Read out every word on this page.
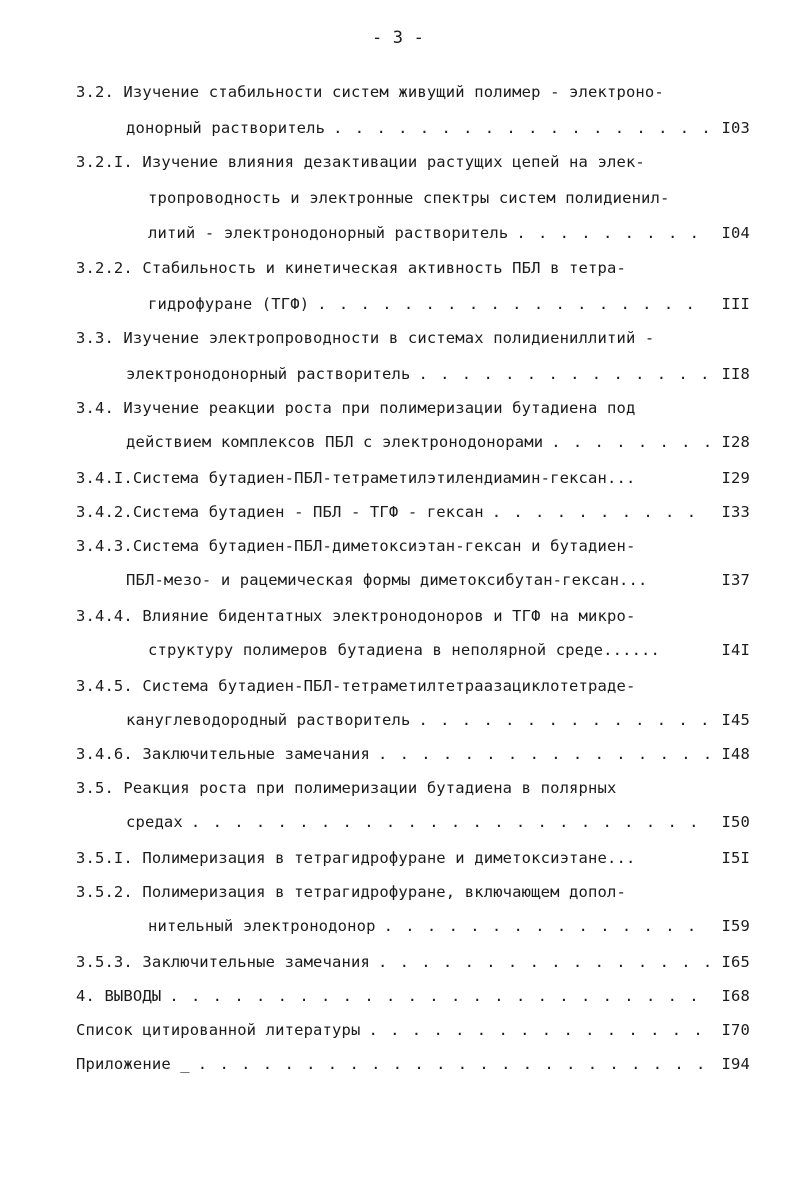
- 3 -
3.2. Изучение стабильности систем живущий полимер - электроно-
донорный растворитель . . .	I03
3.2.I. Изучение влияния дезактивации растущих цепей на элек-
тропроводность и электронные спектры систем полидиенил-
литий - электронодонорный растворитель . . .	I04
3.2.2. Стабильность и кинетическая активность ПБЛ в тетра-
гидрофуране (ТГФ) . . .	III
3.3. Изучение электропроводности в системах полидиениллитий -
электронодонорный растворитель . . .	II8
3.4. Изучение реакции роста при полимеризации бутадиена под
действием комплексов ПБЛ с электронодонорами . . .	I28
3.4.I.Система бутадиен-ПБЛ-тетраметилэтилендиамин-гексан...	I29
3.4.2.Система бутадиен - ПБЛ - ТГФ - гексан . . .	I33
3.4.3.Система бутадиен-ПБЛ-диметоксиэтан-гексан и бутадиен-
ПБЛ-мезо- и рацемическая формы диметоксибутан-гексан...	I37
3.4.4. Влияние бидентатных электронодоноров и ТГФ на микро-
структуру полимеров бутадиена в неполярной среде......	I4I
3.4.5. Система бутадиен-ПБЛ-тетраметилтетраазациклотетраде-
кануглеводородный растворитель . . .	I45
3.4.6. Заключительные замечания . . .	I48
3.5. Реакция роста при полимеризации бутадиена в полярных
средах . . .	I50
3.5.I. Полимеризация в тетрагидрофуране и диметоксиэтане...	I5I
3.5.2. Полимеризация в тетрагидрофуране, включающем допол-
нительный электронодонор . . .	I59
3.5.3. Заключительные замечания . . .	I65
4. ВЫВОДЫ . . .	I68
Список цитированной литературы . . .	I70
Приложение _ . . .	I94
